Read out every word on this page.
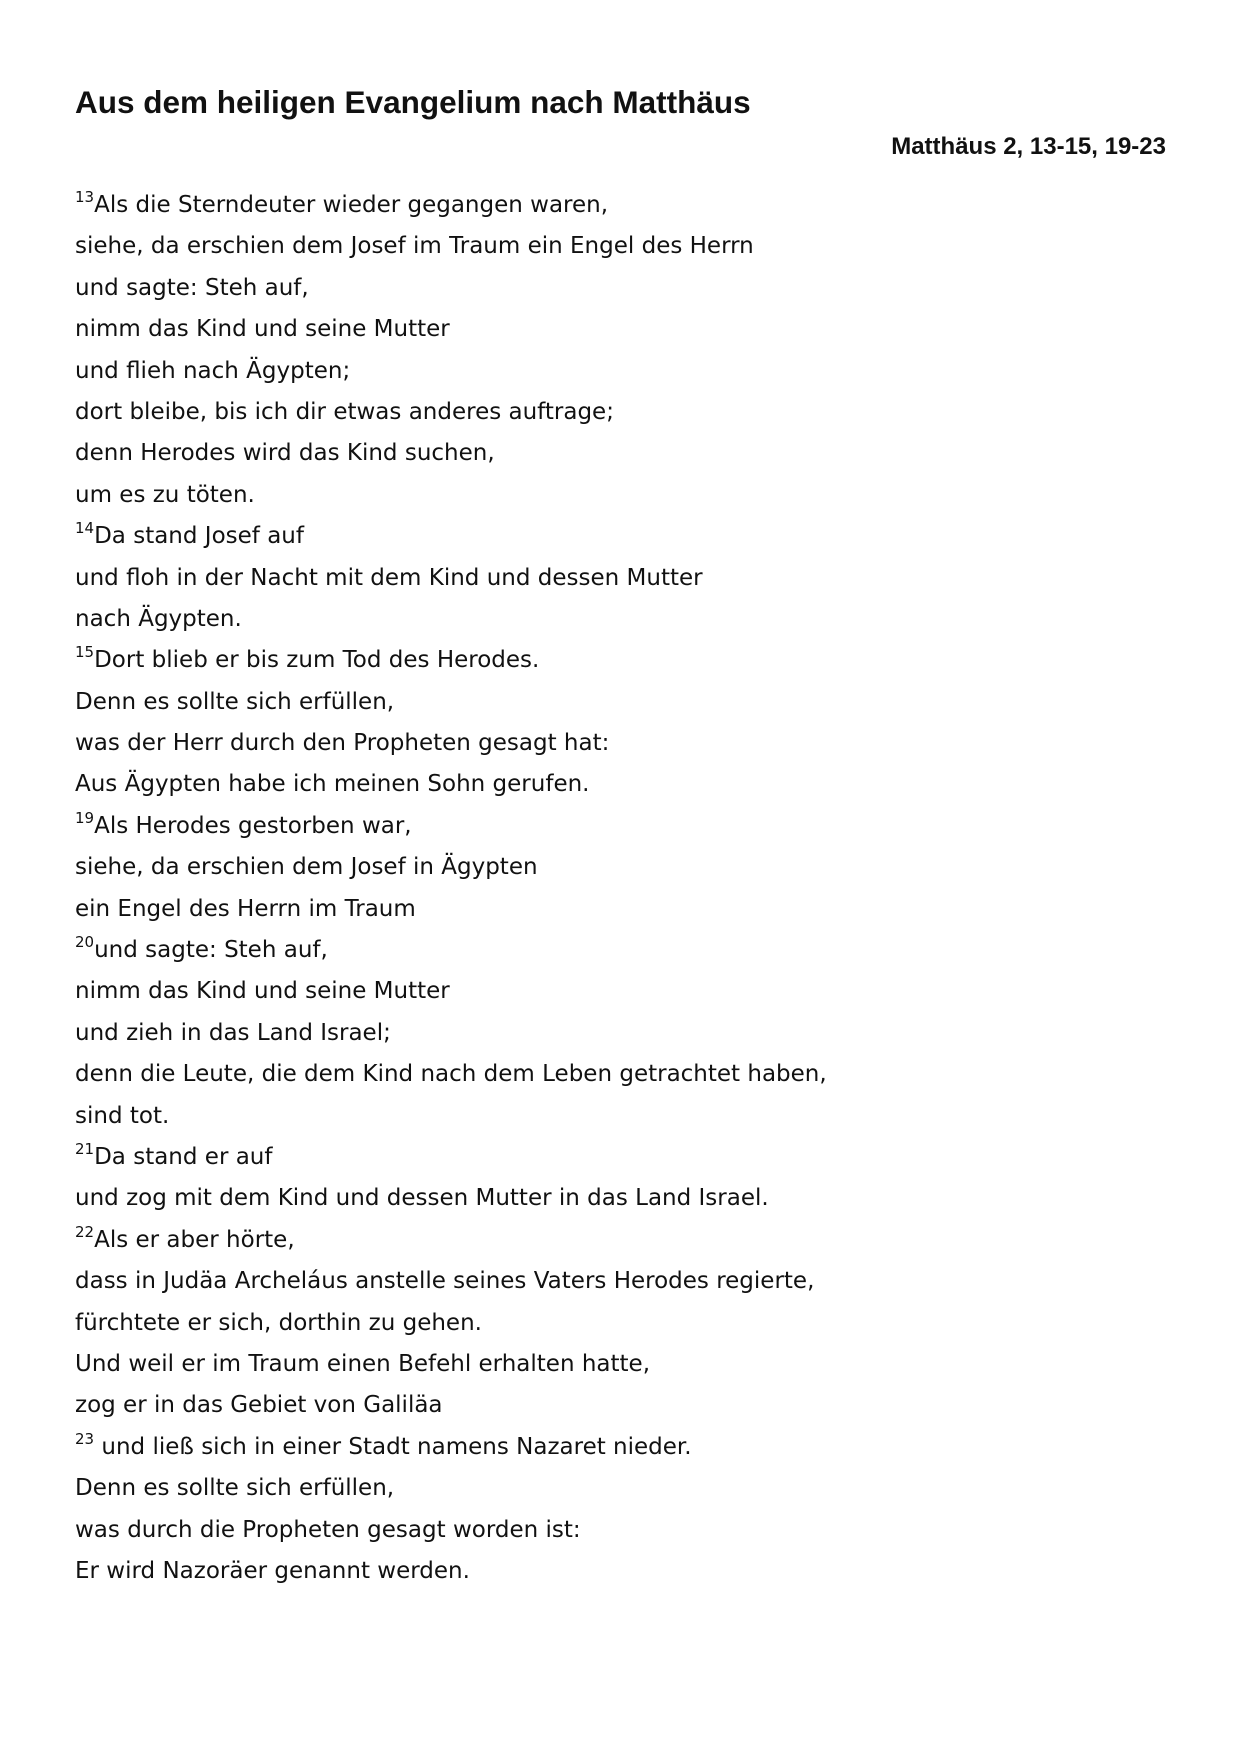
Aus dem heiligen Evangelium nach Matthäus
Matthäus 2, 13-15, 19-23
$^{13}$Als die Sterndeuter wieder gegangen waren,
siehe, da erschien dem Josef im Traum ein Engel des Herrn
und sagte: Steh auf,
nimm das Kind und seine Mutter
und flieh nach Ägypten;
dort bleibe, bis ich dir etwas anderes auftrage;
denn Herodes wird das Kind suchen,
um es zu töten.
$^{14}$Da stand Josef auf
und floh in der Nacht mit dem Kind und dessen Mutter
nach Ägypten.
$^{15}$Dort blieb er bis zum Tod des Herodes.
Denn es sollte sich erfüllen,
was der Herr durch den Propheten gesagt hat:
Aus Ägypten habe ich meinen Sohn gerufen.
$^{19}$Als Herodes gestorben war,
siehe, da erschien dem Josef in Ägypten
ein Engel des Herrn im Traum
$^{20}$und sagte: Steh auf,
nimm das Kind und seine Mutter
und zieh in das Land Israel;
denn die Leute, die dem Kind nach dem Leben getrachtet haben,
sind tot.
$^{21}$Da stand er auf
und zog mit dem Kind und dessen Mutter in das Land Israel.
$^{22}$Als er aber hörte,
dass in Judäa Archeláus anstelle seines Vaters Herodes regierte,
fürchtete er sich, dorthin zu gehen.
Und weil er im Traum einen Befehl erhalten hatte,
zog er in das Gebiet von Galiläa
$^{23}$ und ließ sich in einer Stadt namens Nazaret nieder.
Denn es sollte sich erfüllen,
was durch die Propheten gesagt worden ist:
Er wird Nazoräer genannt werden.
